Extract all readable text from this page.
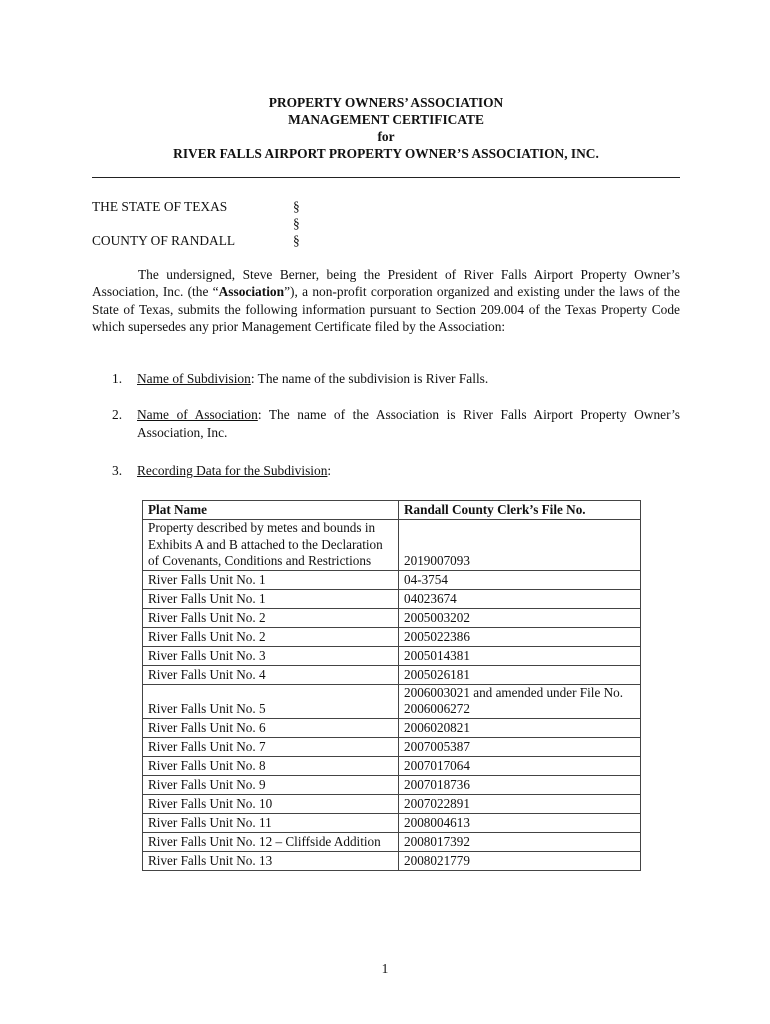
PROPERTY OWNERS’ ASSOCIATION
MANAGEMENT CERTIFICATE
for
RIVER FALLS AIRPORT PROPERTY OWNER’S ASSOCIATION, INC.
THE STATE OF TEXAS
COUNTY OF RANDALL
§
§
§
The undersigned, Steve Berner, being the President of River Falls Airport Property Owner’s Association, Inc. (the “Association”), a non-profit corporation organized and existing under the laws of the State of Texas, submits the following information pursuant to Section 209.004 of the Texas Property Code which supersedes any prior Management Certificate filed by the Association:
1. Name of Subdivision: The name of the subdivision is River Falls.
2. Name of Association: The name of the Association is River Falls Airport Property Owner’s Association, Inc.
3. Recording Data for the Subdivision:
Plat Name	Randall County Clerk’s File No.
Property described by metes and bounds in Exhibits A and B attached to the Declaration of Covenants, Conditions and Restrictions	2019007093
River Falls Unit No. 1	04-3754
River Falls Unit No. 1	04023674
River Falls Unit No. 2	2005003202
River Falls Unit No. 2	2005022386
River Falls Unit No. 3	2005014381
River Falls Unit No. 4	2005026181
River Falls Unit No. 5	2006003021 and amended under File No. 2006006272
River Falls Unit No. 6	2006020821
River Falls Unit No. 7	2007005387
River Falls Unit No. 8	2007017064
River Falls Unit No. 9	2007018736
River Falls Unit No. 10	2007022891
River Falls Unit No. 11	2008004613
River Falls Unit No. 12 – Cliffside Addition	2008017392
River Falls Unit No. 13	2008021779
1
